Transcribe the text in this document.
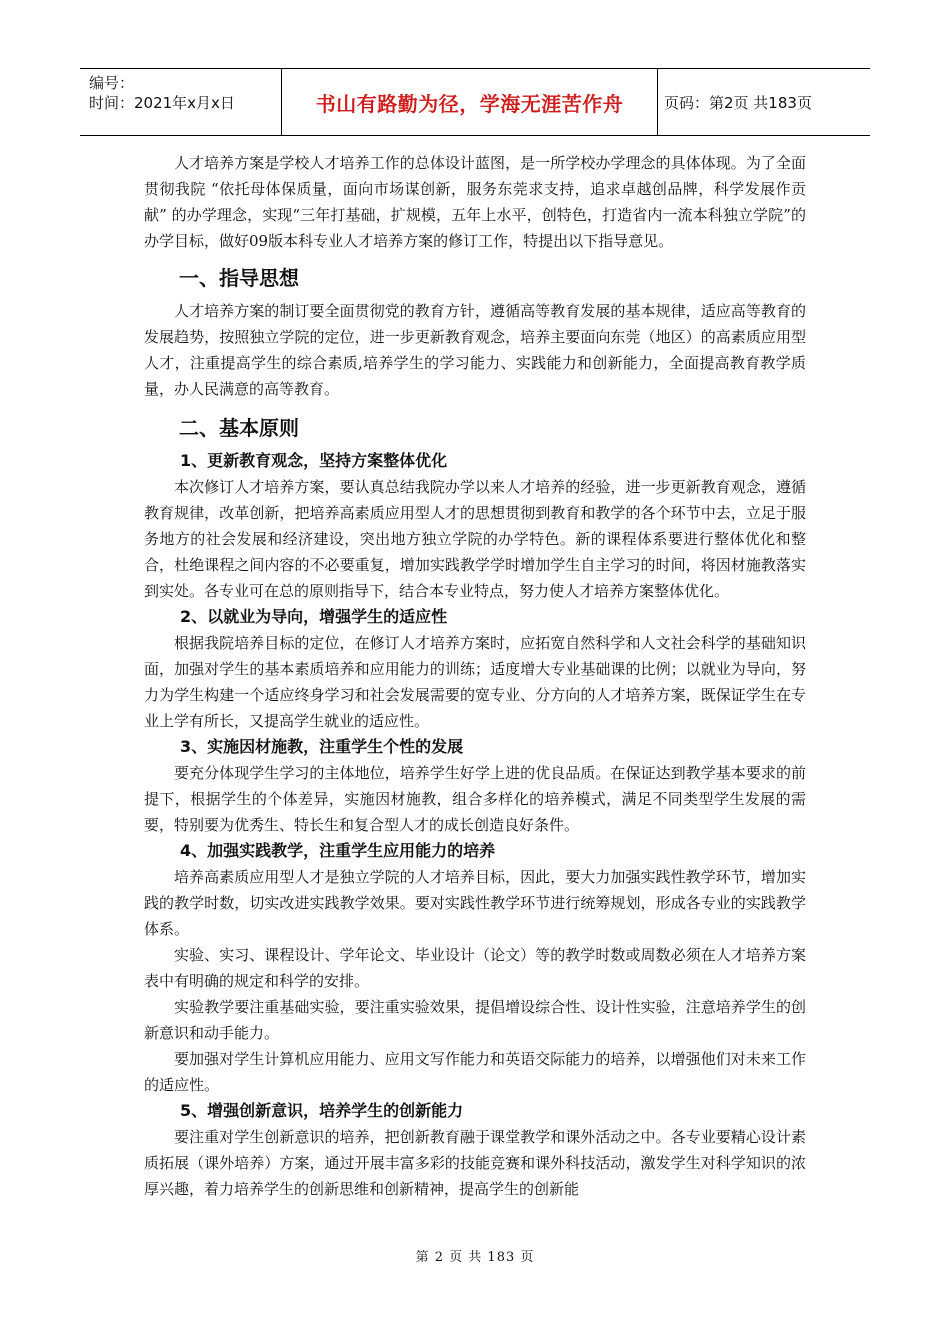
编号：
时间：2021年x月x日	书山有路勤为径，学海无涯苦作舟	页码：第2页 共183页

人才培养方案是学校人才培养工作的总体设计蓝图，是一所学校办学理念的具体体现。为了全面贯彻我院 “依托母体保质量，面向市场谋创新，服务东莞求支持，追求卓越创品牌，科学发展作贡献” 的办学理念，实现“三年打基础，扩规模，五年上水平，创特色，打造省内一流本科独立学院”的办学目标，做好09版本科专业人才培养方案的修订工作，特提出以下指导意见。

一、指导思想

人才培养方案的制订要全面贯彻党的教育方针，遵循高等教育发展的基本规律，适应高等教育的发展趋势，按照独立学院的定位，进一步更新教育观念，培养主要面向东莞（地区）的高素质应用型人才，注重提高学生的综合素质,培养学生的学习能力、实践能力和创新能力，全面提高教育教学质量，办人民满意的高等教育。

二、基本原则
1、更新教育观念，坚持方案整体优化

本次修订人才培养方案，要认真总结我院办学以来人才培养的经验，进一步更新教育观念，遵循教育规律，改革创新，把培养高素质应用型人才的思想贯彻到教育和教学的各个环节中去，立足于服务地方的社会发展和经济建设，突出地方独立学院的办学特色。新的课程体系要进行整体优化和整合，杜绝课程之间内容的不必要重复，增加实践教学学时增加学生自主学习的时间，将因材施教落实到实处。各专业可在总的原则指导下，结合本专业特点，努力使人才培养方案整体优化。

2、以就业为导向，增强学生的适应性

根据我院培养目标的定位，在修订人才培养方案时，应拓宽自然科学和人文社会科学的基础知识面，加强对学生的基本素质培养和应用能力的训练；适度增大专业基础课的比例；以就业为导向，努力为学生构建一个适应终身学习和社会发展需要的宽专业、分方向的人才培养方案，既保证学生在专业上学有所长，又提高学生就业的适应性。

3、实施因材施教，注重学生个性的发展

要充分体现学生学习的主体地位，培养学生好学上进的优良品质。在保证达到教学基本要求的前提下，根据学生的个体差异，实施因材施教，组合多样化的培养模式，满足不同类型学生发展的需要，特别要为优秀生、特长生和复合型人才的成长创造良好条件。

4、加强实践教学，注重学生应用能力的培养

培养高素质应用型人才是独立学院的人才培养目标，因此，要大力加强实践性教学环节，增加实践的教学时数，切实改进实践教学效果。要对实践性教学环节进行统筹规划，形成各专业的实践教学体系。

实验、实习、课程设计、学年论文、毕业设计（论文）等的教学时数或周数必须在人才培养方案表中有明确的规定和科学的安排。

实验教学要注重基础实验，要注重实验效果，提倡增设综合性、设计性实验，注意培养学生的创新意识和动手能力。

要加强对学生计算机应用能力、应用文写作能力和英语交际能力的培养，以增强他们对未来工作的适应性。

5、增强创新意识，培养学生的创新能力

要注重对学生创新意识的培养，把创新教育融于课堂教学和课外活动之中。各专业要精心设计素质拓展（课外培养）方案，通过开展丰富多彩的技能竞赛和课外科技活动，激发学生对科学知识的浓厚兴趣，着力培养学生的创新思维和创新精神，提高学生的创新能

第 2 页 共 183 页
